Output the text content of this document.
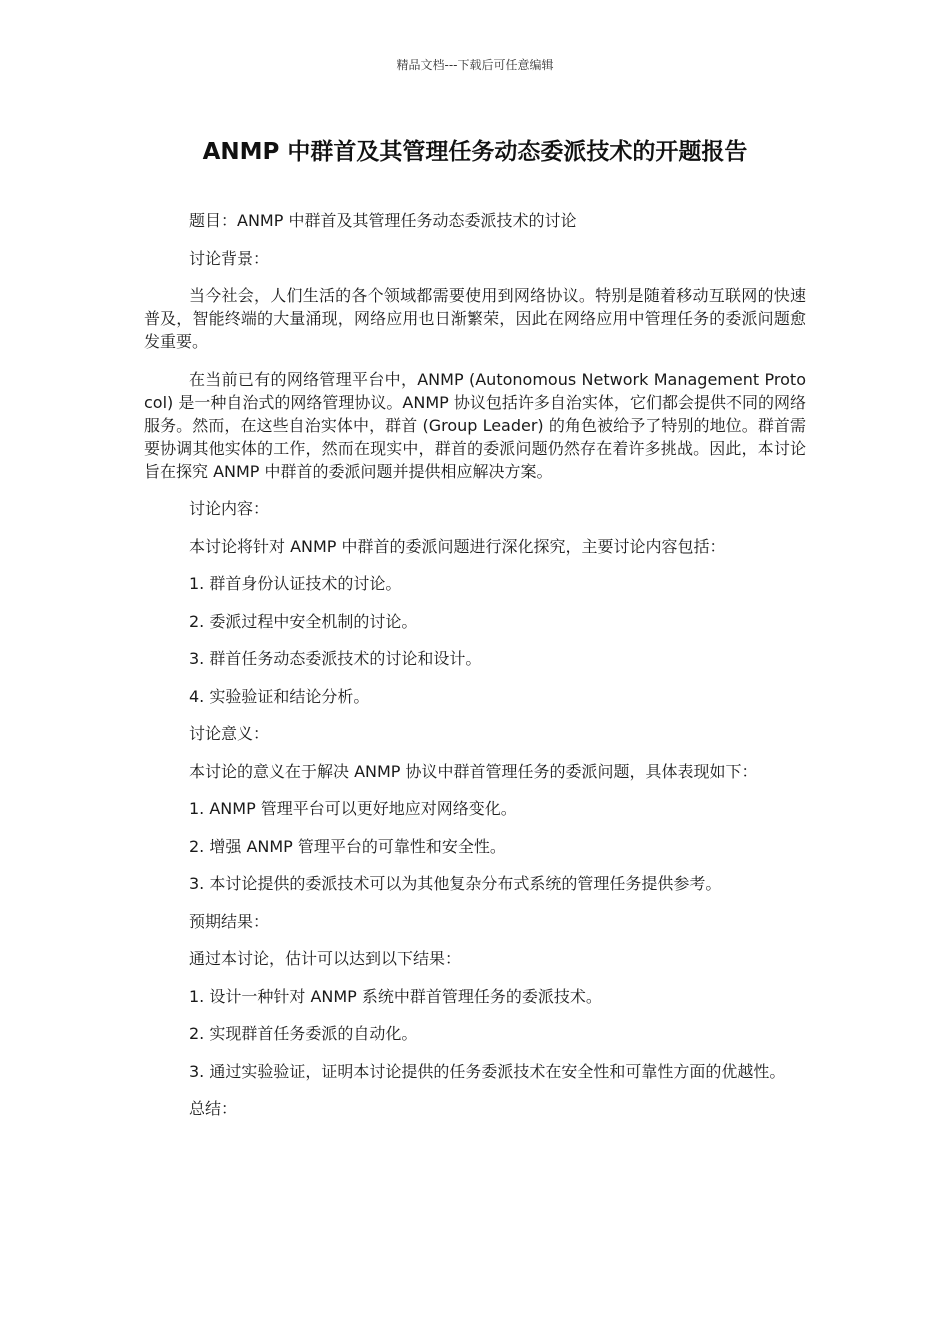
精品文档---下载后可任意编辑
ANMP 中群首及其管理任务动态委派技术的开题报告

题目：ANMP 中群首及其管理任务动态委派技术的讨论

讨论背景：

当今社会，人们生活的各个领域都需要使用到网络协议。特别是随着移动互联网的快速普及，智能终端的大量涌现，网络应用也日渐繁荣，因此在网络应用中管理任务的委派问题愈发重要。

在当前已有的网络管理平台中，ANMP (Autonomous Network Management Protocol) 是一种自治式的网络管理协议。ANMP 协议包括许多自治实体，它们都会提供不同的网络服务。然而，在这些自治实体中，群首 (Group Leader) 的角色被给予了特别的地位。群首需要协调其他实体的工作，然而在现实中，群首的委派问题仍然存在着许多挑战。因此，本讨论旨在探究 ANMP 中群首的委派问题并提供相应解决方案。

讨论内容：

本讨论将针对 ANMP 中群首的委派问题进行深化探究，主要讨论内容包括：

1. 群首身份认证技术的讨论。

2. 委派过程中安全机制的讨论。

3. 群首任务动态委派技术的讨论和设计。

4. 实验验证和结论分析。

讨论意义：

本讨论的意义在于解决 ANMP 协议中群首管理任务的委派问题，具体表现如下：

1. ANMP 管理平台可以更好地应对网络变化。

2. 增强 ANMP 管理平台的可靠性和安全性。

3. 本讨论提供的委派技术可以为其他复杂分布式系统的管理任务提供参考。

预期结果：

通过本讨论，估计可以达到以下结果：

1. 设计一种针对 ANMP 系统中群首管理任务的委派技术。

2. 实现群首任务委派的自动化。

3. 通过实验验证，证明本讨论提供的任务委派技术在安全性和可靠性方面的优越性。

总结：
